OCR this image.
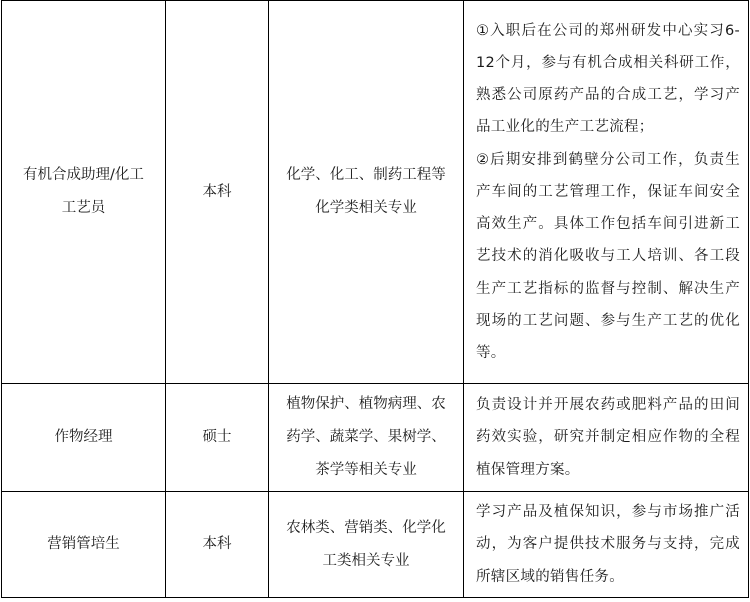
有机合成助理/化工工艺员	本科	化学、化工、制药工程等化学类相关专业	①入职后在公司的郑州研发中心实习6-12个月，参与有机合成相关科研工作，熟悉公司原药产品的合成工艺，学习产品工业化的生产工艺流程；

②后期安排到鹤壁分公司工作，负责生产车间的工艺管理工作，保证车间安全高效生产。具体工作包括车间引进新工艺技术的消化吸收与工人培训、各工段生产工艺指标的监督与控制、解决生产现场的工艺问题、参与生产工艺的优化等。

作物经理	硕士	植物保护、植物病理、农药学、蔬菜学、果树学、茶学等相关专业	负责设计并开展农药或肥料产品的田间药效实验，研究并制定相应作物的全程植保管理方案。

营销管培生	本科	农林类、营销类、化学化工类相关专业	学习产品及植保知识，参与市场推广活动，为客户提供技术服务与支持，完成所辖区域的销售任务。
